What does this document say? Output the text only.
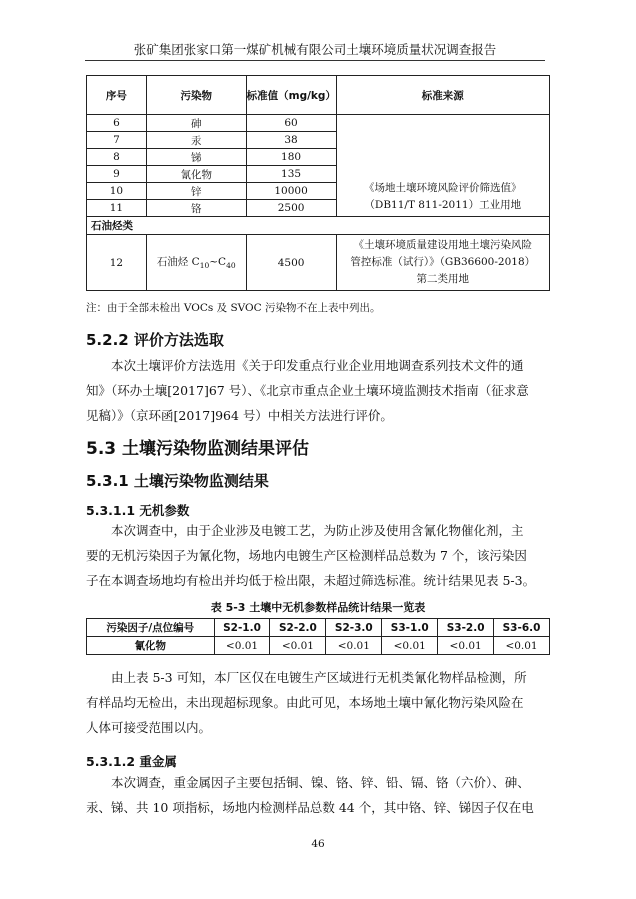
张矿集团张家口第一煤矿机械有限公司土壤环境质量状况调查报告
序号	污染物	标准值（mg/kg）	标准来源
6	砷	60	《场地土壤环境风险评价筛选值》
（DB11/T 811-2011）工业用地

7	汞	38	
8	锑	180	
9	氰化物	135	
10	锌	10000	
11	铬	2500	
石油烃类			
12	石油烃 $C_{10}\sim C_{40}$	4500	《土壤环境质量建设用地土壤污染风险
管控标准（试行）》（GB36600-2018）
第二类用地
注：由于全部未检出 VOCs 及 SVOC 污染物不在上表中列出。
5.2.2 评价方法选取
本次土壤评价方法选用《关于印发重点行业企业用地调查系列技术文件的通
知》（环办土壤[2017]67 号）、《北京市重点企业土壤环境监测技术指南（征求意
见稿）》（京环函[2017]964 号）中相关方法进行评价。
5.3 土壤污染物监测结果评估
5.3.1 土壤污染物监测结果
5.3.1.1 无机参数
本次调查中，由于企业涉及电镀工艺，为防止涉及使用含氰化物催化剂，主
要的无机污染因子为氰化物，场地内电镀生产区检测样品总数为 7 个，该污染因
子在本调查场地均有检出并均低于检出限，未超过筛选标准。统计结果见表 5-3。
表 5-3 土壤中无机参数样品统计结果一览表
污染因子/点位编号	S2-1.0	S2-2.0	S2-3.0	S3-1.0	S3-2.0	S3-6.0
氰化物	<0.01	<0.01	<0.01	<0.01	<0.01	<0.01
由上表 5-3 可知，本厂区仅在电镀生产区域进行无机类氰化物样品检测，所
有样品均无检出，未出现超标现象。由此可见，本场地土壤中氰化物污染风险在
人体可接受范围以内。
5.3.1.2 重金属
本次调查，重金属因子主要包括铜、镍、铬、锌、铅、镉、铬（六价）、砷、
汞、锑、共 10 项指标，场地内检测样品总数 44 个，其中铬、锌、锑因子仅在电
46
